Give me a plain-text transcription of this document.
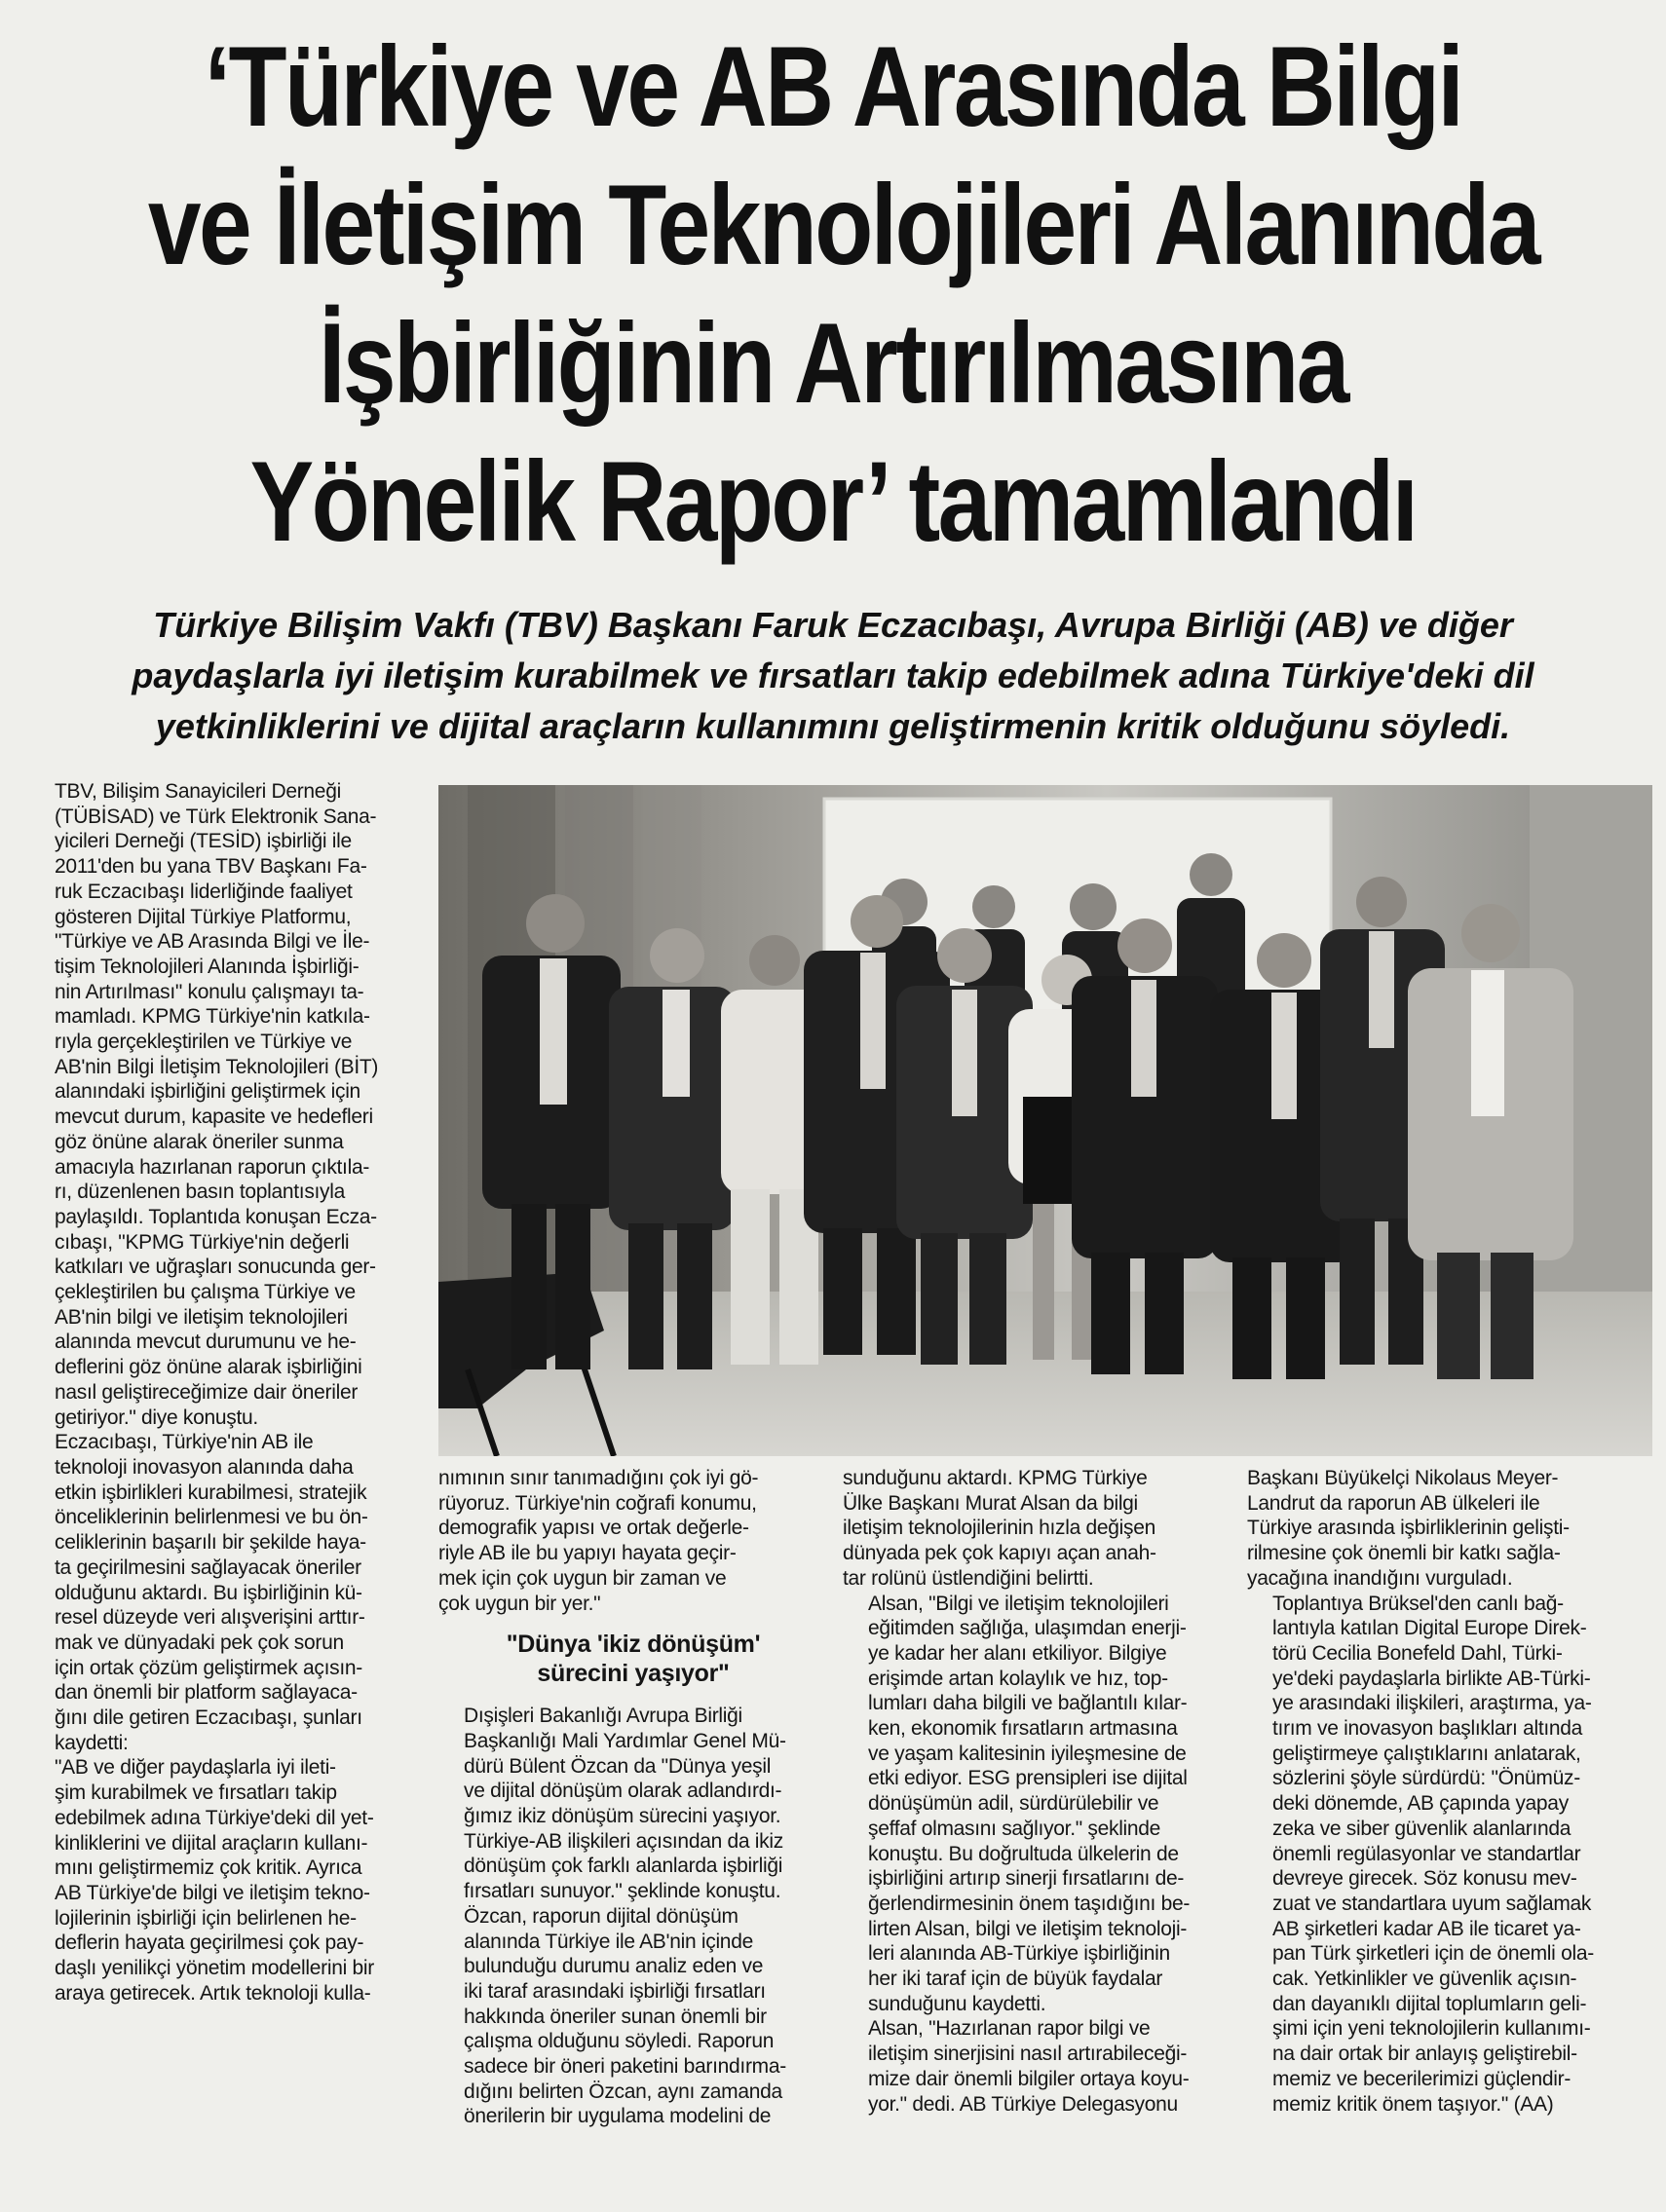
‘Türkiye ve AB Arasında Bilgi
ve İletişim Teknolojileri Alanında
İşbirliğinin Artırılmasına
Yönelik Rapor’ tamamlandı
Türkiye Bilişim Vakfı (TBV) Başkanı Faruk Eczacıbaşı, Avrupa Birliği (AB) ve diğer
paydaşlarla iyi iletişim kurabilmek ve fırsatları takip edebilmek adına Türkiye'deki dil
yetkinliklerini ve dijital araçların kullanımını geliştirmenin kritik olduğunu söyledi.

TBV, Bilişim Sanayicileri Derneği
(TÜBİSAD) ve Türk Elektronik Sana-
yicileri Derneği (TESİD) işbirliği ile
2011'den bu yana TBV Başkanı Fa-
ruk Eczacıbaşı liderliğinde faaliyet
gösteren Dijital Türkiye Platformu,
"Türkiye ve AB Arasında Bilgi ve İle-
tişim Teknolojileri Alanında İşbirliği-
nin Artırılması" konulu çalışmayı ta-
mamladı. KPMG Türkiye'nin katkıla-
rıyla gerçekleştirilen ve Türkiye ve
AB'nin Bilgi İletişim Teknolojileri (BİT)
alanındaki işbirliğini geliştirmek için
mevcut durum, kapasite ve hedefleri
göz önüne alarak öneriler sunma
amacıyla hazırlanan raporun çıktıla-
rı, düzenlenen basın toplantısıyla
paylaşıldı. Toplantıda konuşan Ecza-
cıbaşı, "KPMG Türkiye'nin değerli
katkıları ve uğraşları sonucunda ger-
çekleştirilen bu çalışma Türkiye ve
AB'nin bilgi ve iletişim teknolojileri
alanında mevcut durumunu ve he-
deflerini göz önüne alarak işbirliğini
nasıl geliştireceğimize dair öneriler
getiriyor." diye konuştu.

Eczacıbaşı, Türkiye'nin AB ile
teknoloji inovasyon alanında daha
etkin işbirlikleri kurabilmesi, stratejik
önceliklerinin belirlenmesi ve bu ön-
celiklerinin başarılı bir şekilde haya-
ta geçirilmesini sağlayacak öneriler
olduğunu aktardı. Bu işbirliğinin kü-
resel düzeyde veri alışverişini arttır-
mak ve dünyadaki pek çok sorun
için ortak çözüm geliştirmek açısın-
dan önemli bir platform sağlayaca-
ğını dile getiren Eczacıbaşı, şunları
kaydetti:

"AB ve diğer paydaşlarla iyi ileti-
şim kurabilmek ve fırsatları takip
edebilmek adına Türkiye'deki dil yet-
kinliklerini ve dijital araçların kullanı-
mını geliştirmemiz çok kritik. Ayrıca
AB Türkiye'de bilgi ve iletişim tekno-
lojilerinin işbirliği için belirlenen he-
deflerin hayata geçirilmesi çok pay-
daşlı yenilikçi yönetim modellerini bir
araya getirecek. Artık teknoloji kulla-

nımının sınır tanımadığını çok iyi gö-
rüyoruz. Türkiye'nin coğrafi konumu,
demografik yapısı ve ortak değerle-
riyle AB ile bu yapıyı hayata geçir-
mek için çok uygun bir zaman ve
çok uygun bir yer."

"Dünya 'ikiz dönüşüm'
sürecini yaşıyor"

Dışişleri Bakanlığı Avrupa Birliği
Başkanlığı Mali Yardımlar Genel Mü-
dürü Bülent Özcan da "Dünya yeşil
ve dijital dönüşüm olarak adlandırdı-
ğımız ikiz dönüşüm sürecini yaşıyor.
Türkiye-AB ilişkileri açısından da ikiz
dönüşüm çok farklı alanlarda işbirliği
fırsatları sunuyor." şeklinde konuştu.

Özcan, raporun dijital dönüşüm
alanında Türkiye ile AB'nin içinde
bulunduğu durumu analiz eden ve
iki taraf arasındaki işbirliği fırsatları
hakkında öneriler sunan önemli bir
çalışma olduğunu söyledi. Raporun
sadece bir öneri paketini barındırma-
dığını belirten Özcan, aynı zamanda
önerilerin bir uygulama modelini de

sunduğunu aktardı. KPMG Türkiye
Ülke Başkanı Murat Alsan da bilgi
iletişim teknolojilerinin hızla değişen
dünyada pek çok kapıyı açan anah-
tar rolünü üstlendiğini belirtti.

Alsan, "Bilgi ve iletişim teknolojileri
eğitimden sağlığa, ulaşımdan enerji-
ye kadar her alanı etkiliyor. Bilgiye
erişimde artan kolaylık ve hız, top-
lumları daha bilgili ve bağlantılı kılar-
ken, ekonomik fırsatların artmasına
ve yaşam kalitesinin iyileşmesine de
etki ediyor. ESG prensipleri ise dijital
dönüşümün adil, sürdürülebilir ve
şeffaf olmasını sağlıyor." şeklinde
konuştu. Bu doğrultuda ülkelerin de
işbirliğini artırıp sinerji fırsatlarını de-
ğerlendirmesinin önem taşıdığını be-
lirten Alsan, bilgi ve iletişim teknoloji-
leri alanında AB-Türkiye işbirliğinin
her iki taraf için de büyük faydalar
sunduğunu kaydetti.

Alsan, "Hazırlanan rapor bilgi ve
iletişim sinerjisini nasıl artırabileceği-
mize dair önemli bilgiler ortaya koyu-
yor." dedi. AB Türkiye Delegasyonu

Başkanı Büyükelçi Nikolaus Meyer-
Landrut da raporun AB ülkeleri ile
Türkiye arasında işbirliklerinin gelişti-
rilmesine çok önemli bir katkı sağla-
yacağına inandığını vurguladı.

Toplantıya Brüksel'den canlı bağ-
lantıyla katılan Digital Europe Direk-
törü Cecilia Bonefeld Dahl, Türki-
ye'deki paydaşlarla birlikte AB-Türki-
ye arasındaki ilişkileri, araştırma, ya-
tırım ve inovasyon başlıkları altında
geliştirmeye çalıştıklarını anlatarak,
sözlerini şöyle sürdürdü: "Önümüz-
deki dönemde, AB çapında yapay
zeka ve siber güvenlik alanlarında
önemli regülasyonlar ve standartlar
devreye girecek. Söz konusu mev-
zuat ve standartlara uyum sağlamak
AB şirketleri kadar AB ile ticaret ya-
pan Türk şirketleri için de önemli ola-
cak. Yetkinlikler ve güvenlik açısın-
dan dayanıklı dijital toplumların geli-
şimi için yeni teknolojilerin kullanımı-
na dair ortak bir anlayış geliştirebil-
memiz ve becerilerimizi güçlendir-
memiz kritik önem taşıyor." (AA)
